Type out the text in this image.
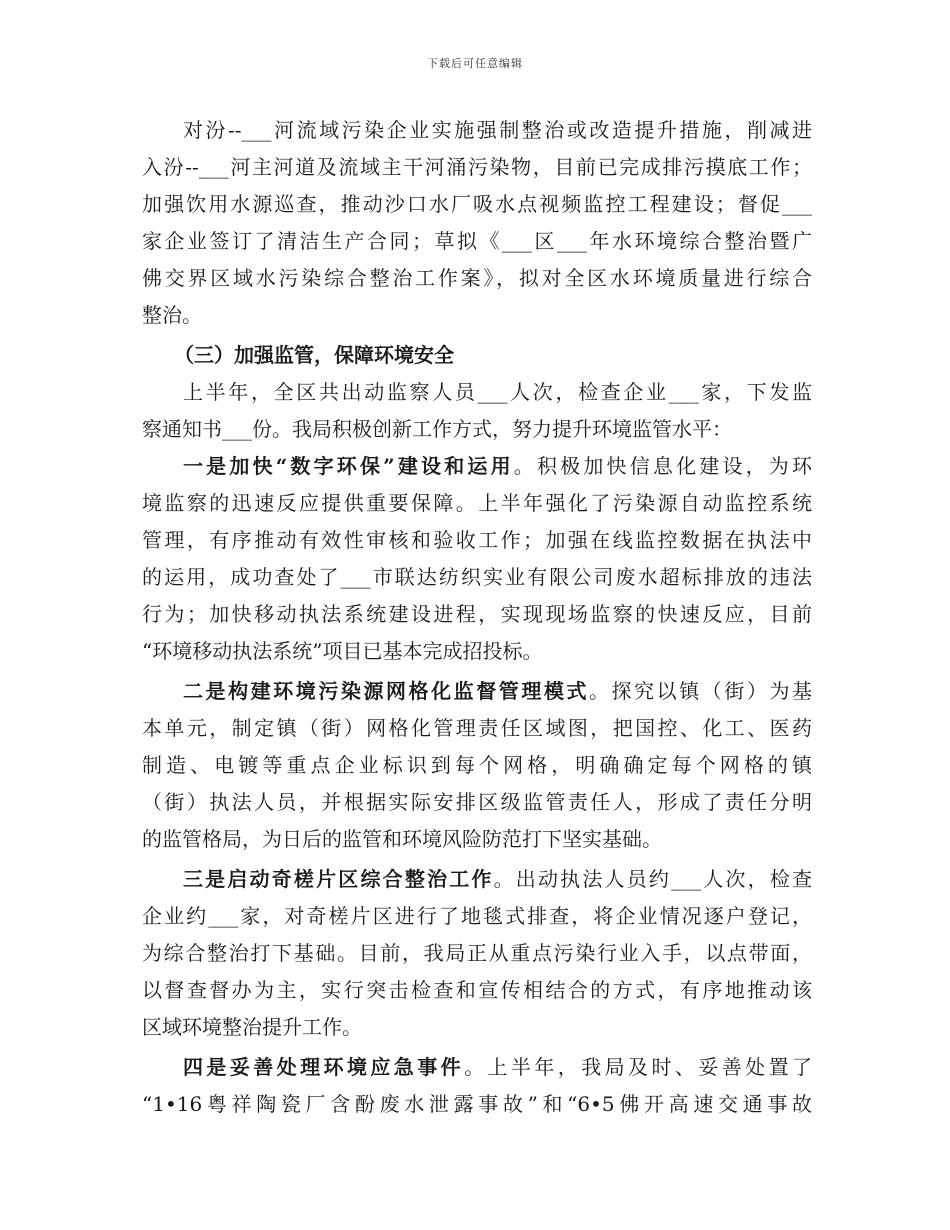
下载后可任意编辑
对汾--___河流域污染企业实施强制整治或改造提升措施，削减进
入汾--___河主河道及流域主干河涌污染物，目前已完成排污摸底工作；
加强饮用水源巡查，推动沙口水厂吸水点视频监控工程建设；督促___
家企业签订了清洁生产合同；草拟《___区___年水环境综合整治暨广
佛交界区域水污染综合整治工作案》，拟对全区水环境质量进行综合
整治。
（三）加强监管，保障环境安全
上半年，全区共出动监察人员___人次，检查企业___家，下发监
察通知书___份。我局积极创新工作方式，努力提升环境监管水平：
一是加快“数字环保”建设和运用。积极加快信息化建设，为环
境监察的迅速反应提供重要保障。上半年强化了污染源自动监控系统
管理，有序推动有效性审核和验收工作；加强在线监控数据在执法中
的运用，成功查处了___市联达纺织实业有限公司废水超标排放的违法
行为；加快移动执法系统建设进程，实现现场监察的快速反应，目前
“环境移动执法系统”项目已基本完成招投标。
二是构建环境污染源网格化监督管理模式。探究以镇（街）为基
本单元，制定镇（街）网格化管理责任区域图，把国控、化工、医药
制造、电镀等重点企业标识到每个网格，明确确定每个网格的镇
（街）执法人员，并根据实际安排区级监管责任人，形成了责任分明
的监管格局，为日后的监管和环境风险防范打下坚实基础。
三是启动奇槎片区综合整治工作。出动执法人员约___人次，检查
企业约___家，对奇槎片区进行了地毯式排查，将企业情况逐户登记，
为综合整治打下基础。目前，我局正从重点污染行业入手，以点带面，
以督查督办为主，实行突击检查和宣传相结合的方式，有序地推动该
区域环境整治提升工作。
四是妥善处理环境应急事件。上半年，我局及时、妥善处置了
“1•16粤祥陶瓷厂含酚废水泄露事故”和“6•5佛开高速交通事故
